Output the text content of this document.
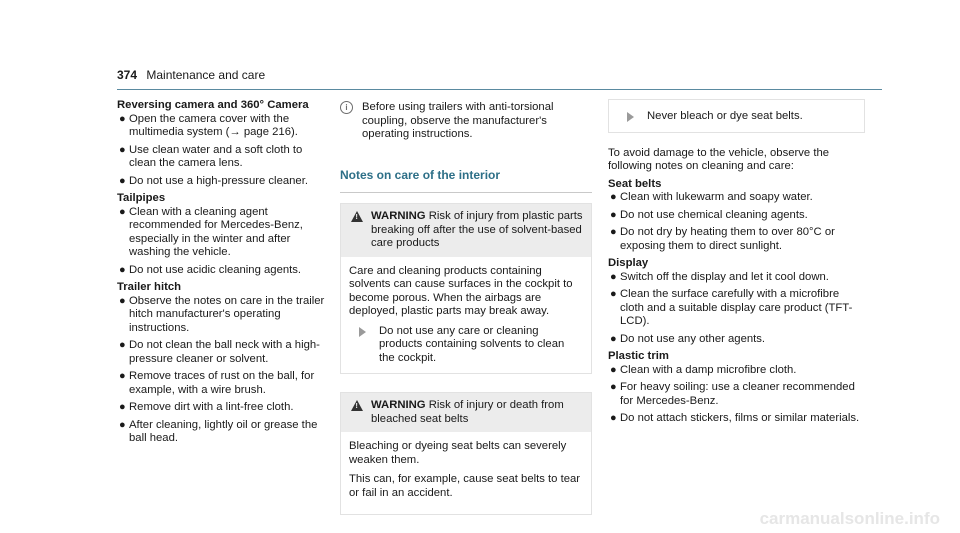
374 Maintenance and care

Reversing camera and 360° Camera

● Open the camera cover with the multimedia system (→ page 216).
● Use clean water and a soft cloth to clean the camera lens.
● Do not use a high-pressure cleaner.

Tailpipes

● Clean with a cleaning agent recommended for Mercedes-Benz, especially in the winter and after washing the vehicle.
● Do not use acidic cleaning agents.

Trailer hitch

● Observe the notes on care in the trailer hitch manufacturer's operating instructions.
● Do not clean the ball neck with a high-pressure cleaner or solvent.
● Remove traces of rust on the ball, for example, with a wire brush.
● Remove dirt with a lint-free cloth.
● After cleaning, lightly oil or grease the ball head.
i	Before using trailers with anti-torsional coupling, observe the manufacturer's operating instructions.
Notes on care of the interior
! WARNING Risk of injury from plastic parts breaking off after the use of solvent-based care products

Care and cleaning products containing solvents can cause surfaces in the cockpit to become porous. When the airbags are deployed, plastic parts may break away.

Do not use any care or cleaning products containing solvents to clean the cockpit.
! WARNING Risk of injury or death from bleached seat belts

Bleaching or dyeing seat belts can severely weaken them.

This can, for example, cause seat belts to tear or fail in an accident.

Never bleach or dye seat belts.

To avoid damage to the vehicle, observe the following notes on cleaning and care:

Seat belts

● Clean with lukewarm and soapy water.
● Do not use chemical cleaning agents.
● Do not dry by heating them to over 80°C or exposing them to direct sunlight.

Display

● Switch off the display and let it cool down.
● Clean the surface carefully with a microfibre cloth and a suitable display care product (TFT-LCD).
● Do not use any other agents.

Plastic trim

● Clean with a damp microfibre cloth.
● For heavy soiling: use a cleaner recommended for Mercedes-Benz.
● Do not attach stickers, films or similar materials.
carmanualsonline.info
